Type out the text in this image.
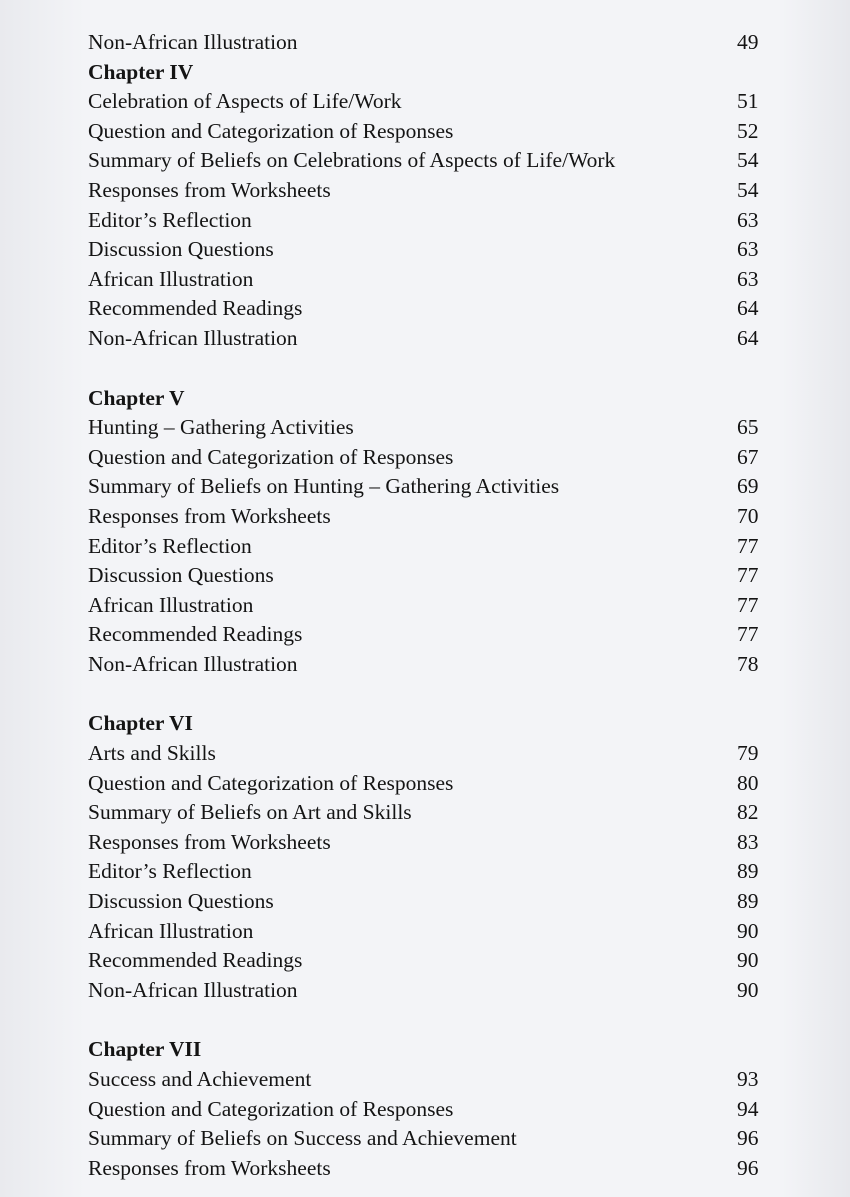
Non-African Illustration	49
Chapter IV
Celebration of Aspects of Life/Work	51
Question and Categorization of Responses	52
Summary of Beliefs on Celebrations of Aspects of Life/Work	54
Responses from Worksheets	54
Editor’s Reflection	63
Discussion Questions	63
African Illustration	63
Recommended Readings	64
Non-African Illustration	64
Chapter V
Hunting – Gathering Activities	65
Question and Categorization of Responses	67
Summary of Beliefs on Hunting – Gathering Activities	69
Responses from Worksheets	70
Editor’s Reflection	77
Discussion Questions	77
African Illustration	77
Recommended Readings	77
Non-African Illustration	78
Chapter VI
Arts and Skills	79
Question and Categorization of Responses	80
Summary of Beliefs on Art and Skills	82
Responses from Worksheets	83
Editor’s Reflection	89
Discussion Questions	89
African Illustration	90
Recommended Readings	90
Non-African Illustration	90
Chapter VII
Success and Achievement	93
Question and Categorization of Responses	94
Summary of Beliefs on Success and Achievement	96
Responses from Worksheets	96
